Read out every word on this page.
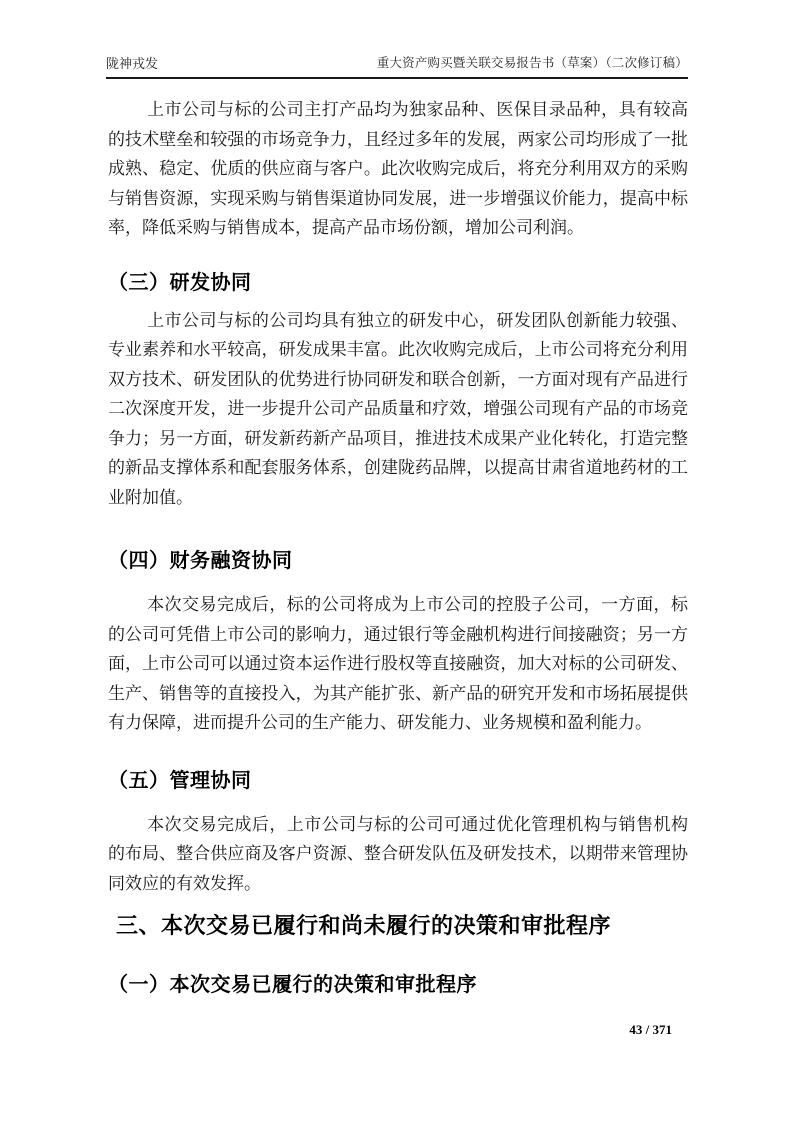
陇神戎发	重大资产购买暨关联交易报告书（草案）（二次修订稿）

上市公司与标的公司主打产品均为独家品种、医保目录品种，具有较高的技术壁垒和较强的市场竞争力，且经过多年的发展，两家公司均形成了一批成熟、稳定、优质的供应商与客户。此次收购完成后，将充分利用双方的采购与销售资源，实现采购与销售渠道协同发展，进一步增强议价能力，提高中标率，降低采购与销售成本，提高产品市场份额，增加公司利润。

（三）研发协同

上市公司与标的公司均具有独立的研发中心，研发团队创新能力较强、专业素养和水平较高，研发成果丰富。此次收购完成后，上市公司将充分利用双方技术、研发团队的优势进行协同研发和联合创新，一方面对现有产品进行二次深度开发，进一步提升公司产品质量和疗效，增强公司现有产品的市场竞争力；另一方面，研发新药新产品项目，推进技术成果产业化转化，打造完整的新品支撑体系和配套服务体系，创建陇药品牌，以提高甘肃省道地药材的工业附加值。

（四）财务融资协同

本次交易完成后，标的公司将成为上市公司的控股子公司，一方面，标的公司可凭借上市公司的影响力，通过银行等金融机构进行间接融资；另一方面，上市公司可以通过资本运作进行股权等直接融资，加大对标的公司研发、生产、销售等的直接投入，为其产能扩张、新产品的研究开发和市场拓展提供有力保障，进而提升公司的生产能力、研发能力、业务规模和盈利能力。

（五）管理协同

本次交易完成后，上市公司与标的公司可通过优化管理机构与销售机构的布局、整合供应商及客户资源、整合研发队伍及研发技术，以期带来管理协同效应的有效发挥。

三、本次交易已履行和尚未履行的决策和审批程序
（一）本次交易已履行的决策和审批程序
43 / 371
